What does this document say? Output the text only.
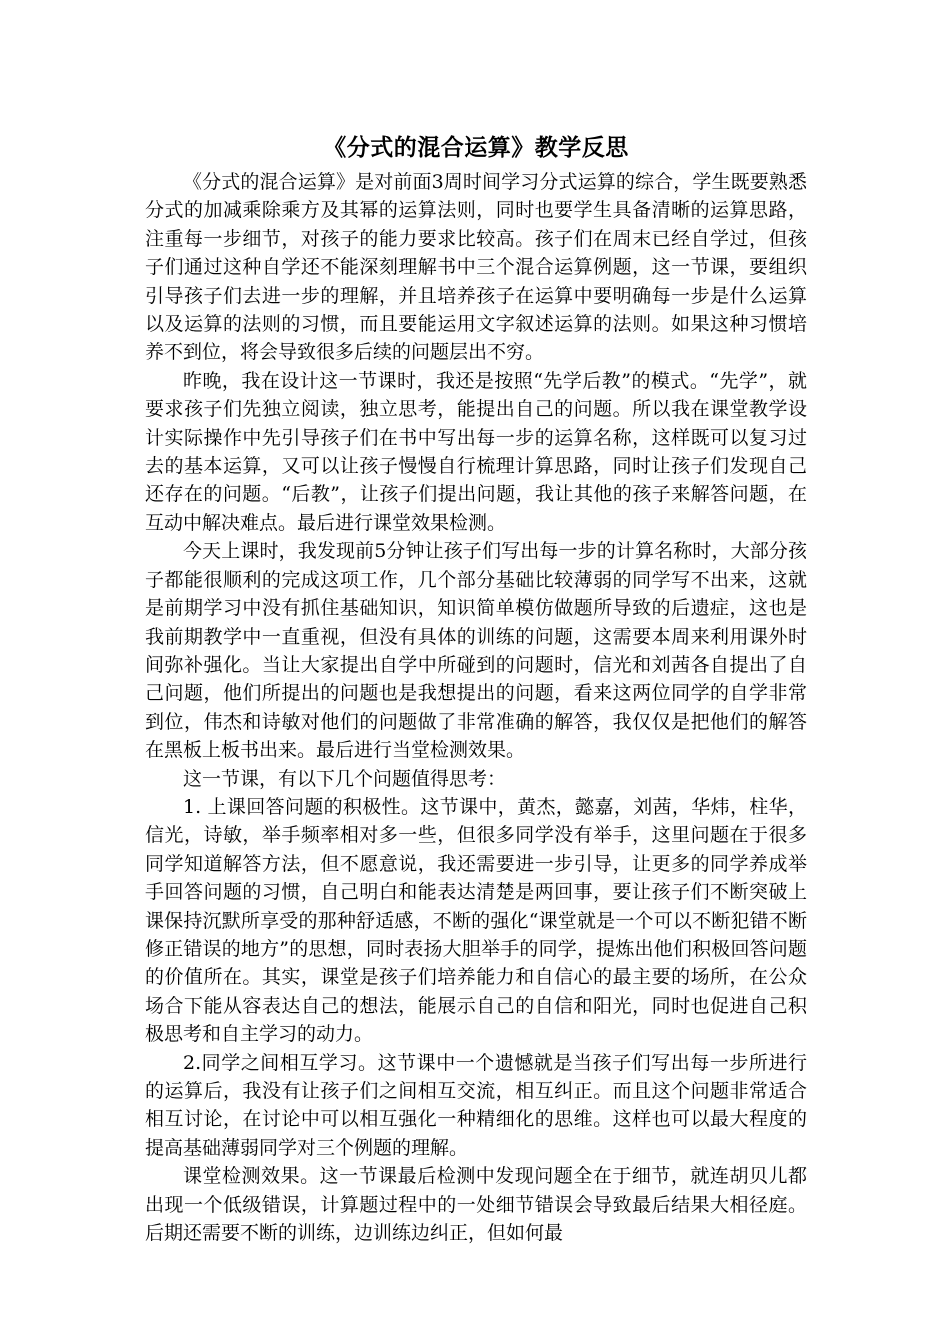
《分式的混合运算》教学反思

《分式的混合运算》是对前面3周时间学习分式运算的综合，学生既要熟悉分式的加减乘除乘方及其幂的运算法则，同时也要学生具备清晰的运算思路，注重每一步细节，对孩子的能力要求比较高。孩子们在周末已经自学过，但孩子们通过这种自学还不能深刻理解书中三个混合运算例题，这一节课，要组织引导孩子们去进一步的理解，并且培养孩子在运算中要明确每一步是什么运算以及运算的法则的习惯，而且要能运用文字叙述运算的法则。如果这种习惯培养不到位，将会导致很多后续的问题层出不穷。

昨晚，我在设计这一节课时，我还是按照“先学后教”的模式。“先学”，就要求孩子们先独立阅读，独立思考，能提出自己的问题。所以我在课堂教学设计实际操作中先引导孩子们在书中写出每一步的运算名称，这样既可以复习过去的基本运算，又可以让孩子慢慢自行梳理计算思路，同时让孩子们发现自己还存在的问题。“后教”，让孩子们提出问题，我让其他的孩子来解答问题，在互动中解决难点。最后进行课堂效果检测。

今天上课时，我发现前5分钟让孩子们写出每一步的计算名称时，大部分孩子都能很顺利的完成这项工作，几个部分基础比较薄弱的同学写不出来，这就是前期学习中没有抓住基础知识，知识简单模仿做题所导致的后遗症，这也是我前期教学中一直重视，但没有具体的训练的问题，这需要本周来利用课外时间弥补强化。当让大家提出自学中所碰到的问题时，信光和刘茜各自提出了自己问题，他们所提出的问题也是我想提出的问题，看来这两位同学的自学非常到位，伟杰和诗敏对他们的问题做了非常准确的解答，我仅仅是把他们的解答在黑板上板书出来。最后进行当堂检测效果。

这一节课，有以下几个问题值得思考：

1. 上课回答问题的积极性。这节课中，黄杰，懿嘉，刘茜，华炜，柱华，信光，诗敏，举手频率相对多一些，但很多同学没有举手，这里问题在于很多同学知道解答方法，但不愿意说，我还需要进一步引导，让更多的同学养成举手回答问题的习惯，自己明白和能表达清楚是两回事，要让孩子们不断突破上课保持沉默所享受的那种舒适感，不断的强化“课堂就是一个可以不断犯错不断修正错误的地方”的思想，同时表扬大胆举手的同学，提炼出他们积极回答问题的价值所在。其实，课堂是孩子们培养能力和自信心的最主要的场所，在公众场合下能从容表达自己的想法，能展示自己的自信和阳光，同时也促进自己积极思考和自主学习的动力。

2.同学之间相互学习。这节课中一个遗憾就是当孩子们写出每一步所进行的运算后，我没有让孩子们之间相互交流，相互纠正。而且这个问题非常适合相互讨论，在讨论中可以相互强化一种精细化的思维。这样也可以最大程度的提高基础薄弱同学对三个例题的理解。

课堂检测效果。这一节课最后检测中发现问题全在于细节，就连胡贝儿都出现一个低级错误，计算题过程中的一处细节错误会导致最后结果大相径庭。后期还需要不断的训练，边训练边纠正，但如何最
